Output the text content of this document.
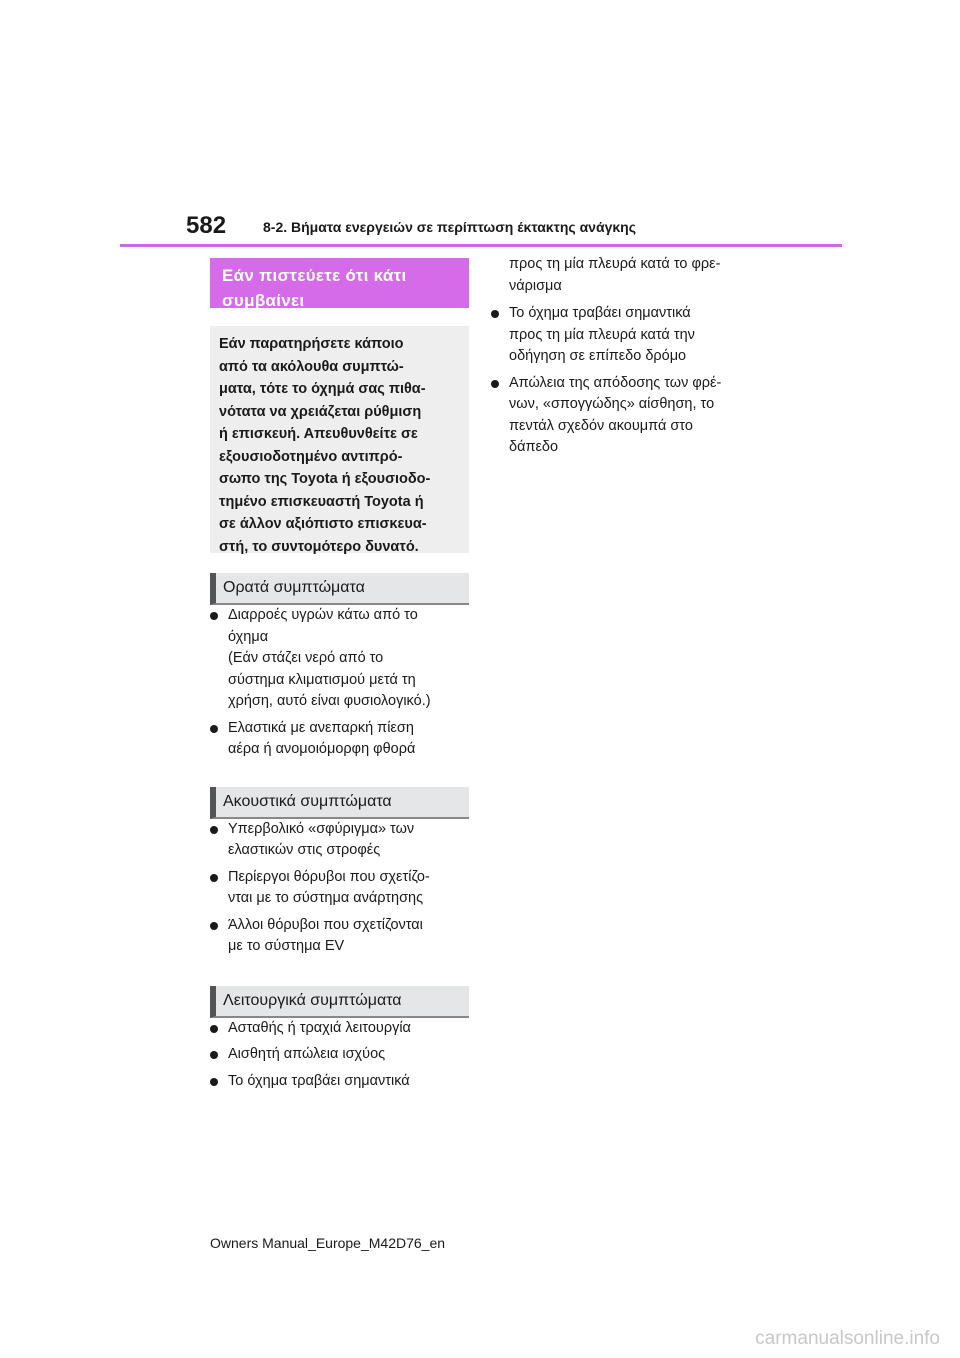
582	8-2. Βήματα ενεργειών σε περίπτωση έκτακτης ανάγκης
Εάν πιστεύετε ότι κάτι
συμβαίνει
Εάν παρατηρήσετε κάποιο
από τα ακόλουθα συμπτώ-
ματα, τότε το όχημά σας πιθα-
νότατα να χρειάζεται ρύθμιση
ή επισκευή. Απευθυνθείτε σε
εξουσιοδοτημένο αντιπρό-
σωπο της Toyota ή εξουσιοδο-
τημένο επισκευαστή Toyota ή
σε άλλον αξιόπιστο επισκευα-
στή, το συντομότερο δυνατό.
Ορατά συμπτώματα
Διαρροές υγρών κάτω από το
όχημα
(Εάν στάζει νερό από το
σύστημα κλιματισμού μετά τη
χρήση, αυτό είναι φυσιολογικό.)
Ελαστικά με ανεπαρκή πίεση
αέρα ή ανομοιόμορφη φθορά
Ακουστικά συμπτώματα
Υπερβολικό «σφύριγμα» των
ελαστικών στις στροφές
Περίεργοι θόρυβοι που σχετίζο-
νται με το σύστημα ανάρτησης
Άλλοι θόρυβοι που σχετίζονται
με το σύστημα EV
Λειτουργικά συμπτώματα
Ασταθής ή τραχιά λειτουργία
Αισθητή απώλεια ισχύος
Το όχημα τραβάει σημαντικά
προς τη μία πλευρά κατά το φρε-
νάρισμα
Το όχημα τραβάει σημαντικά
προς τη μία πλευρά κατά την
οδήγηση σε επίπεδο δρόμο
Απώλεια της απόδοσης των φρέ-
νων, «σπογγώδης» αίσθηση, το
πεντάλ σχεδόν ακουμπά στο
δάπεδο
Owners Manual_Europe_M42D76_en
carmanualsonline.info
